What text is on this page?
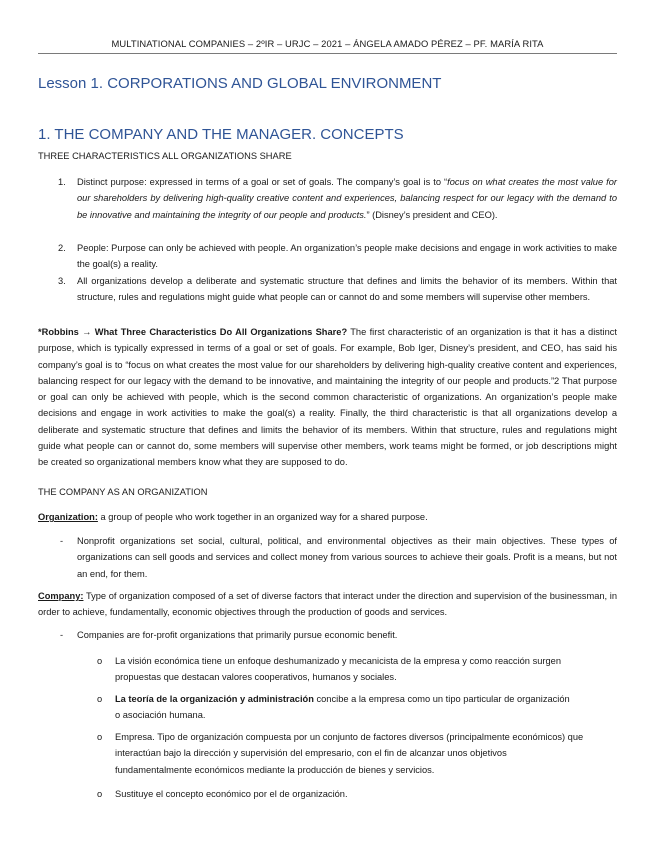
MULTINATIONAL COMPANIES – 2ºIR – URJC – 2021 – ÁNGELA AMADO PÉREZ – PF. MARÍA RITA
Lesson 1. CORPORATIONS AND GLOBAL ENVIRONMENT
1. THE COMPANY AND THE MANAGER. CONCEPTS
THREE CHARACTERISTICS ALL ORGANIZATIONS SHARE
1. Distinct purpose: expressed in terms of a goal or set of goals. The company’s goal is to “focus on what creates the most value for our shareholders by delivering high-quality creative content and experiences, balancing respect for our legacy with the demand to be innovative and maintaining the integrity of our people and products.” (Disney’s president and CEO).
2. People: Purpose can only be achieved with people. An organization’s people make decisions and engage in work activities to make the goal(s) a reality.
3. All organizations develop a deliberate and systematic structure that defines and limits the behavior of its members. Within that structure, rules and regulations might guide what people can or cannot do and some members will supervise other members.
*Robbins → What Three Characteristics Do All Organizations Share? The first characteristic of an organization is that it has a distinct purpose, which is typically expressed in terms of a goal or set of goals. For example, Bob Iger, Disney’s president, and CEO, has said his company’s goal is to “focus on what creates the most value for our shareholders by delivering high-quality creative content and experiences, balancing respect for our legacy with the demand to be innovative, and maintaining the integrity of our people and products.”2 That purpose or goal can only be achieved with people, which is the second common characteristic of organizations. An organization’s people make decisions and engage in work activities to make the goal(s) a reality. Finally, the third characteristic is that all organizations develop a deliberate and systematic structure that defines and limits the behavior of its members. Within that structure, rules and regulations might guide what people can or cannot do, some members will supervise other members, work teams might be formed, or job descriptions might be created so organizational members know what they are supposed to do.
THE COMPANY AS AN ORGANIZATION
Organization: a group of people who work together in an organized way for a shared purpose.
- Nonprofit organizations set social, cultural, political, and environmental objectives as their main objectives. These types of organizations can sell goods and services and collect money from various sources to achieve their goals. Profit is a means, but not an end, for them.
Company: Type of organization composed of a set of diverse factors that interact under the direction and supervision of the businessman, in order to achieve, fundamentally, economic objectives through the production of goods and services.
- Companies are for-profit organizations that primarily pursue economic benefit.
o La visión económica tiene un enfoque deshumanizado y mecanicista de la empresa y como reacción surgen propuestas que destacan valores cooperativos, humanos y sociales.
o La teoría de la organización y administración concibe a la empresa como un tipo particular de organización o asociación humana.
o Empresa. Tipo de organización compuesta por un conjunto de factores diversos (principalmente económicos) que interactúan bajo la dirección y supervisión del empresario, con el fin de alcanzar unos objetivos fundamentalmente económicos mediante la producción de bienes y servicios.
o Sustituye el concepto económico por el de organización.
